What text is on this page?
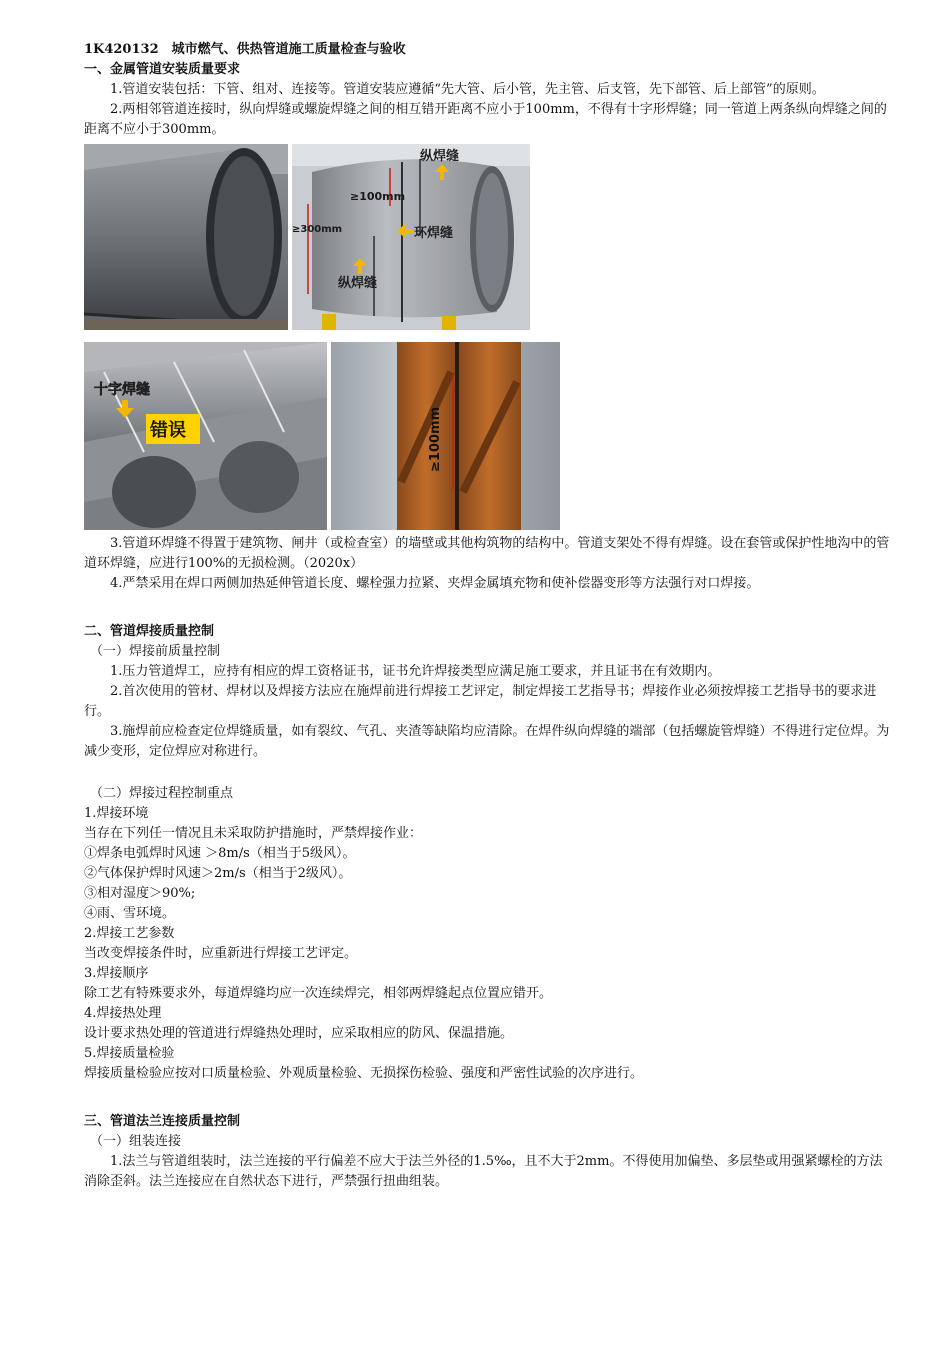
1K420132　城市燃气、供热管道施工质量检查与验收

一、金属管道安装质量要求

1.管道安装包括：下管、组对、连接等。管道安装应遵循“先大管、后小管，先主管、后支管，先下部管、后上部管”的原则。

2.两相邻管道连接时，纵向焊缝或螺旋焊缝之间的相互错开距离不应小于100mm，不得有十字形焊缝；同一管道上两条纵向焊缝之间的距离不应小于300mm。

纵焊缝
≥100mm
≥300mm	环焊缝
纵焊缝
十字焊缝
错误	≥100mm

3.管道环焊缝不得置于建筑物、闸井（或检查室）的墙壁或其他构筑物的结构中。管道支架处不得有焊缝。设在套管或保护性地沟中的管道环焊缝，应进行100%的无损检测。（2020x）

4.严禁采用在焊口两侧加热延伸管道长度、螺栓强力拉紧、夹焊金属填充物和使补偿器变形等方法强行对口焊接。

二、管道焊接质量控制

（一）焊接前质量控制

1.压力管道焊工，应持有相应的焊工资格证书，证书允许焊接类型应满足施工要求，并且证书在有效期内。

2.首次使用的管材、焊材以及焊接方法应在施焊前进行焊接工艺评定，制定焊接工艺指导书；焊接作业必须按焊接工艺指导书的要求进行。

3.施焊前应检查定位焊缝质量，如有裂纹、气孔、夹渣等缺陷均应清除。在焊件纵向焊缝的端部（包括螺旋管焊缝）不得进行定位焊。为减少变形，定位焊应对称进行。

（二）焊接过程控制重点

1.焊接环境

当存在下列任一情况且未采取防护措施时，严禁焊接作业：

①焊条电弧焊时风速 ＞8m/s（相当于5级风）。

②气体保护焊时风速＞2m/s（相当于2级风）。

③相对湿度＞90%;

④雨、雪环境。

2.焊接工艺参数

当改变焊接条件时，应重新进行焊接工艺评定。

3.焊接顺序

除工艺有特殊要求外，每道焊缝均应一次连续焊完，相邻两焊缝起点位置应错开。

4.焊接热处理

设计要求热处理的管道进行焊缝热处理时，应采取相应的防风、保温措施。

5.焊接质量检验

焊接质量检验应按对口质量检验、外观质量检验、无损探伤检验、强度和严密性试验的次序进行。

三、管道法兰连接质量控制

（一）组装连接

1.法兰与管道组装时，法兰连接的平行偏差不应大于法兰外径的1.5‰，且不大于2mm。不得使用加偏垫、多层垫或用强紧螺栓的方法消除歪斜。法兰连接应在自然状态下进行，严禁强行扭曲组装。
